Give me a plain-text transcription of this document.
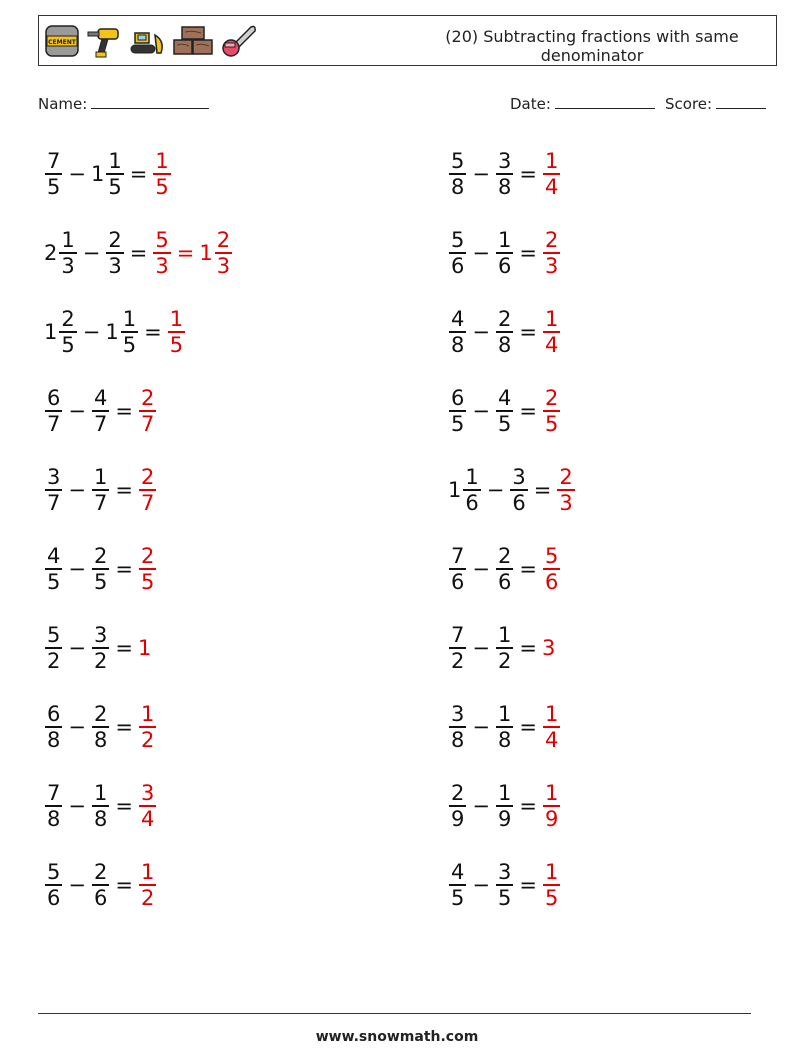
CEMENT	(20) Subtracting fractions with same denominator
Name:	Date:	Score:
$\frac{7}{5} - 1 \frac{1}{5} = \frac{1}{5}$
$2 \frac{1}{3} - \frac{2}{3} = \frac{5}{3} = 1 \frac{2}{3}$
$1 \frac{2}{5} - 1 \frac{1}{5} = \frac{1}{5}$
$\frac{6}{7} - \frac{4}{7} = \frac{2}{7}$
$\frac{3}{7} - \frac{1}{7} = \frac{2}{7}$
$\frac{4}{5} - \frac{2}{5} = \frac{2}{5}$
$\frac{5}{2} - \frac{3}{2} = 1$
$\frac{6}{8} - \frac{2}{8} = \frac{1}{2}$
$\frac{7}{8} - \frac{1}{8} = \frac{3}{4}$
$\frac{5}{6} - \frac{2}{6} = \frac{1}{2}$
$\frac{5}{8} - \frac{3}{8} = \frac{1}{4}$
$\frac{5}{6} - \frac{1}{6} = \frac{2}{3}$
$\frac{4}{8} - \frac{2}{8} = \frac{1}{4}$
$\frac{6}{5} - \frac{4}{5} = \frac{2}{5}$
$1 \frac{1}{6} - \frac{3}{6} = \frac{2}{3}$
$\frac{7}{6} - \frac{2}{6} = \frac{5}{6}$
$\frac{7}{2} - \frac{1}{2} = 3$
$\frac{3}{8} - \frac{1}{8} = \frac{1}{4}$
$\frac{2}{9} - \frac{1}{9} = \frac{1}{9}$
$\frac{4}{5} - \frac{3}{5} = \frac{1}{5}$
www.snowmath.com
